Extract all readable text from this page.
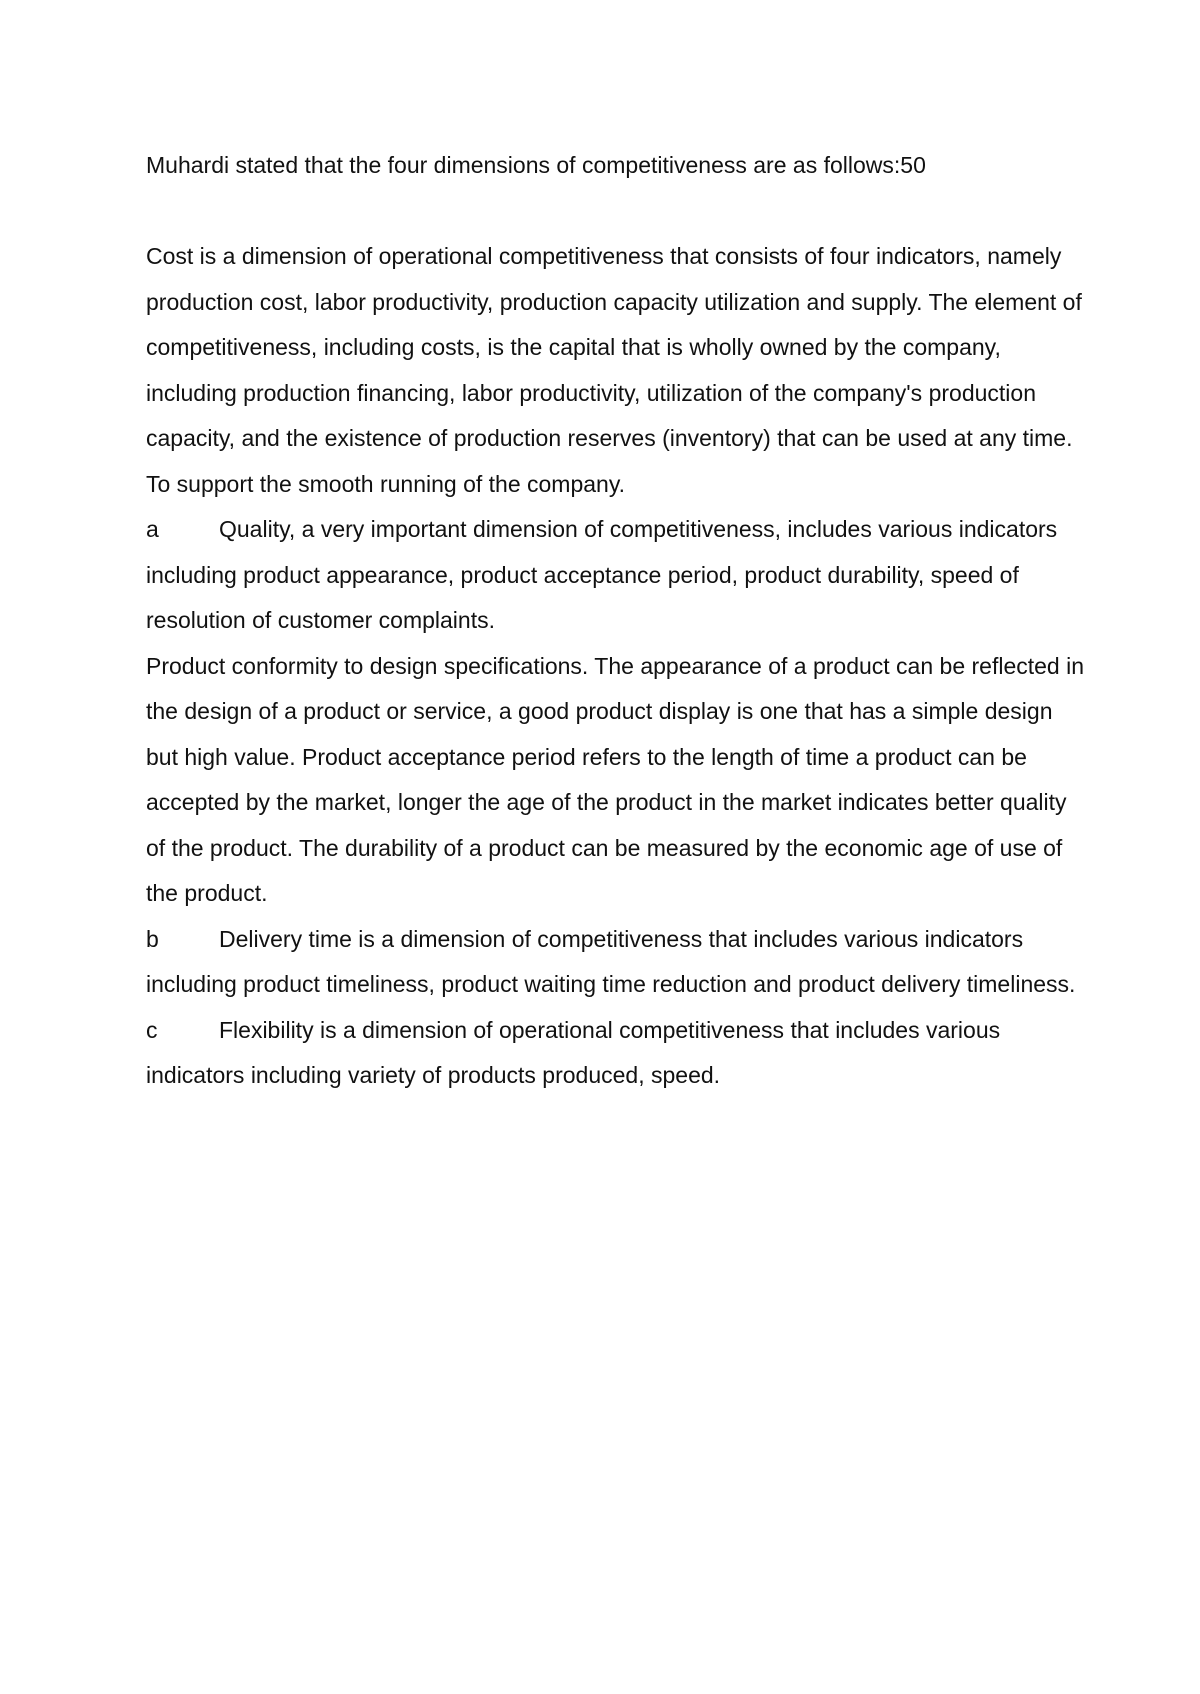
Muhardi stated that the four dimensions of competitiveness are as follows:50

Cost is a dimension of operational competitiveness that consists of four indicators, namely production cost, labor productivity, production capacity utilization and supply. The element of competitiveness, including costs, is the capital that is wholly owned by the company, including production financing, labor productivity, utilization of the company's production capacity, and the existence of production reserves (inventory) that can be used at any time. To support the smooth running of the company.

a	Quality, a very important dimension of competitiveness, includes various indicators including product appearance, product acceptance period, product durability, speed of resolution of customer complaints.

Product conformity to design specifications. The appearance of a product can be reflected in the design of a product or service, a good product display is one that has a simple design but high value. Product acceptance period refers to the length of time a product can be accepted by the market, longer the age of the product in the market indicates better quality of the product. The durability of a product can be measured by the economic age of use of the product.

b	Delivery time is a dimension of competitiveness that includes various indicators including product timeliness, product waiting time reduction and product delivery timeliness.

c	Flexibility is a dimension of operational competitiveness that includes various indicators including variety of products produced, speed.
